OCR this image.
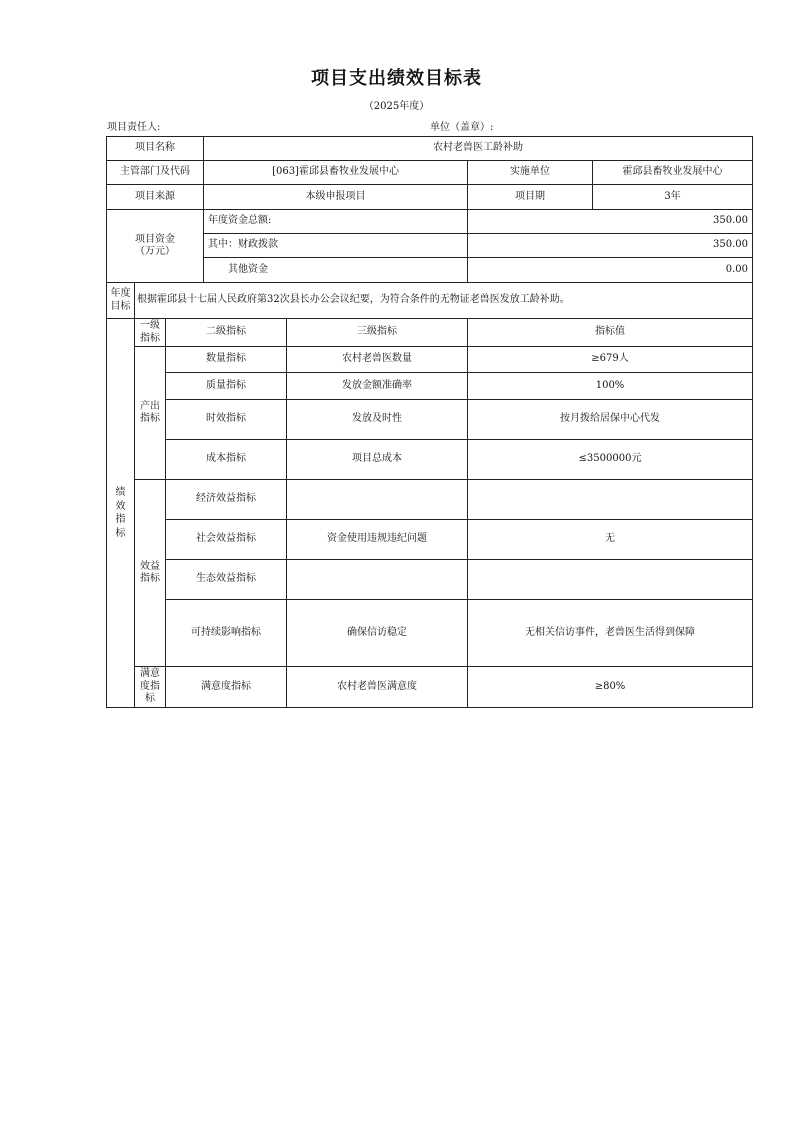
项目支出绩效目标表
（2025年度）
项目责任人:	单位（盖章）:
项目名称			农村老兽医工龄补助			
主管部门及代码			[063]霍邱县畜牧业发展中心		实施单位	霍邱县畜牧业发展中心
项目来源			本级申报项目		项目期	3年
项目资金（万元）			年度资金总额:		350.00	
			其中：财政拨款		350.00	
			其他资金		0.00	
年度目标	根据霍邱县十七届人民政府第32次县长办公会议纪要，为符合条件的无物证老兽医发放工龄补助。					
绩效指标	一级指标	二级指标		三级指标	指标值	
	产出指标	数量指标		农村老兽医数量	≥679人	
		质量指标		发放金额准确率	100%	
		时效指标		发放及时性	按月拨给居保中心代发	
		成本指标		项目总成本	≤3500000元	
	效益指标	经济效益指标				
		社会效益指标		资金使用违规违纪问题	无	
		生态效益指标				
		可持续影响指标		确保信访稳定	无相关信访事件，老兽医生活得到保障	
	满意度指标	满意度指标		农村老兽医满意度	≥80%	
